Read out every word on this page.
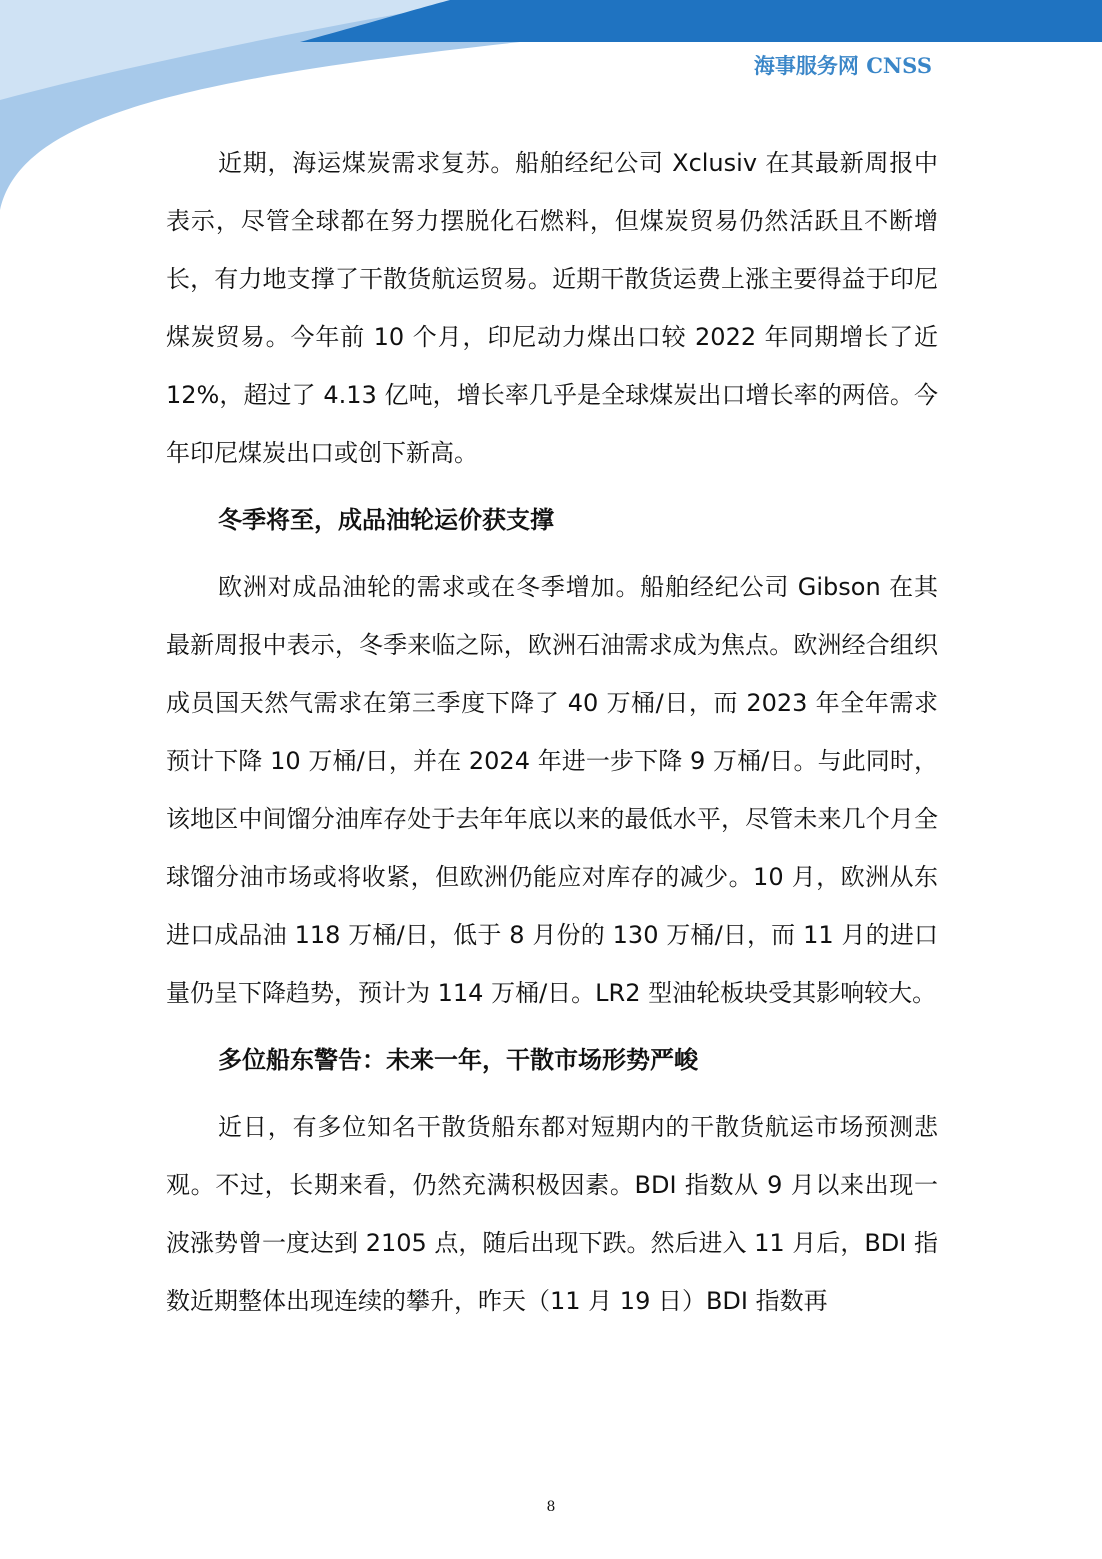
海事服务网 CNSS

近期，海运煤炭需求复苏。船舶经纪公司 Xclusiv 在其最新周报中表示，尽管全球都在努力摆脱化石燃料，但煤炭贸易仍然活跃且不断增长，有力地支撑了干散货航运贸易。近期干散货运费上涨主要得益于印尼煤炭贸易。今年前 10 个月，印尼动力煤出口较 2022 年同期增长了近 12%，超过了 4.13 亿吨，增长率几乎是全球煤炭出口增长率的两倍。今年印尼煤炭出口或创下新高。

冬季将至，成品油轮运价获支撑

欧洲对成品油轮的需求或在冬季增加。船舶经纪公司 Gibson 在其最新周报中表示，冬季来临之际，欧洲石油需求成为焦点。欧洲经合组织成员国天然气需求在第三季度下降了 40 万桶/日，而 2023 年全年需求预计下降 10 万桶/日，并在 2024 年进一步下降 9 万桶/日。与此同时，该地区中间馏分油库存处于去年年底以来的最低水平，尽管未来几个月全球馏分油市场或将收紧，但欧洲仍能应对库存的减少。10 月，欧洲从东进口成品油 118 万桶/日，低于 8 月份的 130 万桶/日，而 11 月的进口量仍呈下降趋势，预计为 114 万桶/日。LR2 型油轮板块受其影响较大。

多位船东警告：未来一年，干散市场形势严峻

近日，有多位知名干散货船东都对短期内的干散货航运市场预测悲观。不过，长期来看，仍然充满积极因素。BDI 指数从 9 月以来出现一波涨势曾一度达到 2105 点，随后出现下跌。然后进入 11 月后，BDI 指数近期整体出现连续的攀升，昨天（11 月 19 日）BDI 指数再

8
